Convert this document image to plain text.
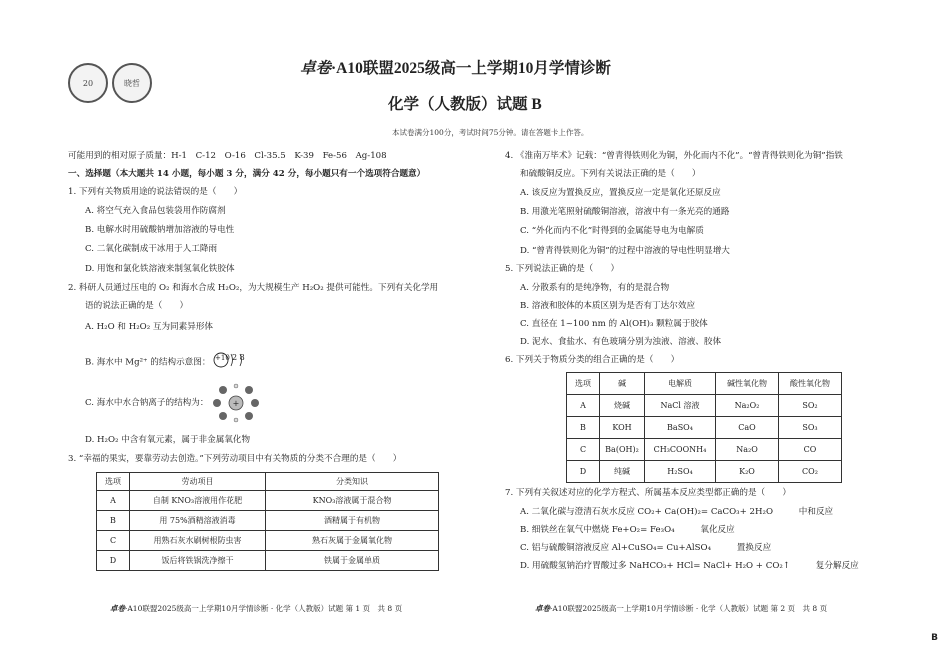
20	晓哲
卓卷·A10联盟2025级高一上学期10月学情诊断
化学（人教版）试题 B
本试卷满分100分，考试时间75分钟。请在答题卡上作答。
可能用到的相对原子质量：H-1　C-12　O-16　Cl-35.5　K-39　Fe-56　Ag-108
一、选择题（本大题共 14 小题，每小题 3 分，满分 42 分，每小题只有一个选项符合题意）
1. 下列有关物质用途的说法错误的是（　　）
A. 将空气充入食品包装袋用作防腐剂
B. 电解水时用硫酸钠增加溶液的导电性
C. 二氧化碳制成干冰用于人工降雨
D. 用饱和氯化铁溶液来制氢氧化铁胶体
2. 科研人员通过压电的 O₂ 和海水合成 H₂O₂，为大规模生产 H₂O₂ 提供可能性。下列有关化学用
语的说法正确的是（　　）
A. H₂O 和 H₂O₂ 互为同素异形体
B. 海水中 Mg²⁺ 的结构示意图： +10 2 8
C. 海水中水合钠离子的结构为：	+
D. H₂O₂ 中含有氧元素，属于非金属氧化物
3. “幸福的果实，要靠劳动去创造。”下列劳动项目中有关物质的分类不合理的是（　　）
选项	劳动项目	分类知识
A	自制 KNO₃溶液用作花肥	KNO₃溶液属于混合物
B	用 75%酒精溶液消毒	酒精属于有机物
C	用熟石灰水刷树根防虫害	熟石灰属于金属氧化物
D	饭后将铁锅洗净擦干	铁属于金属单质
卓卷·A10联盟2025级高一上学期10月学情诊断 · 化学（人教版）试题 第 1 页　共 8 页
4. 《淮南万毕术》记载：“曾青得铁则化为铜，外化而内不化”。“曾青得铁则化为铜”指铁
和硫酸铜反应。下列有关说法正确的是（　　）
A. 该反应为置换反应，置换反应一定是氧化还原反应
B. 用激光笔照射硫酸铜溶液，溶液中有一条光亮的通路
C. “外化而内不化”时得到的金属能导电为电解质
D. “曾青得铁则化为铜”的过程中溶液的导电性明显增大
5. 下列说法正确的是（　　）
A. 分散系有的是纯净物，有的是混合物
B. 溶液和胶体的本质区别为是否有丁达尔效应
C. 直径在 1~100 nm 的 Al(OH)₃ 颗粒属于胶体
D. 泥水、食盐水、有色玻璃分别为浊液、溶液、胶体
6. 下列关于物质分类的组合正确的是（　　）
选项	碱	电解质	碱性氧化物	酸性氧化物
A	烧碱	NaCl 溶液	Na₂O₂	SO₂
B	KOH	BaSO₄	CaO	SO₃
C	Ba(OH)₂	CH₃COONH₄	Na₂O	CO
D	纯碱	H₂SO₄	K₂O	CO₂
7. 下列有关叙述对应的化学方程式、所属基本反应类型都正确的是（　　）
A. 二氧化碳与澄清石灰水反应 CO₂+ Ca(OH)₂= CaCO₃+ 2H₂O　　　中和反应
B. 细铁丝在氧气中燃烧 Fe+O₂= Fe₃O₄　　　氧化反应
C. 铝与硫酸铜溶液反应 Al+CuSO₄= Cu+AlSO₄　　　置换反应
D. 用硫酸氢钠治疗胃酸过多 NaHCO₃+ HCl= NaCl+ H₂O + CO₂↑　　　复分解反应
卓卷·A10联盟2025级高一上学期10月学情诊断 · 化学（人教版）试题 第 2 页　共 8 页
B
